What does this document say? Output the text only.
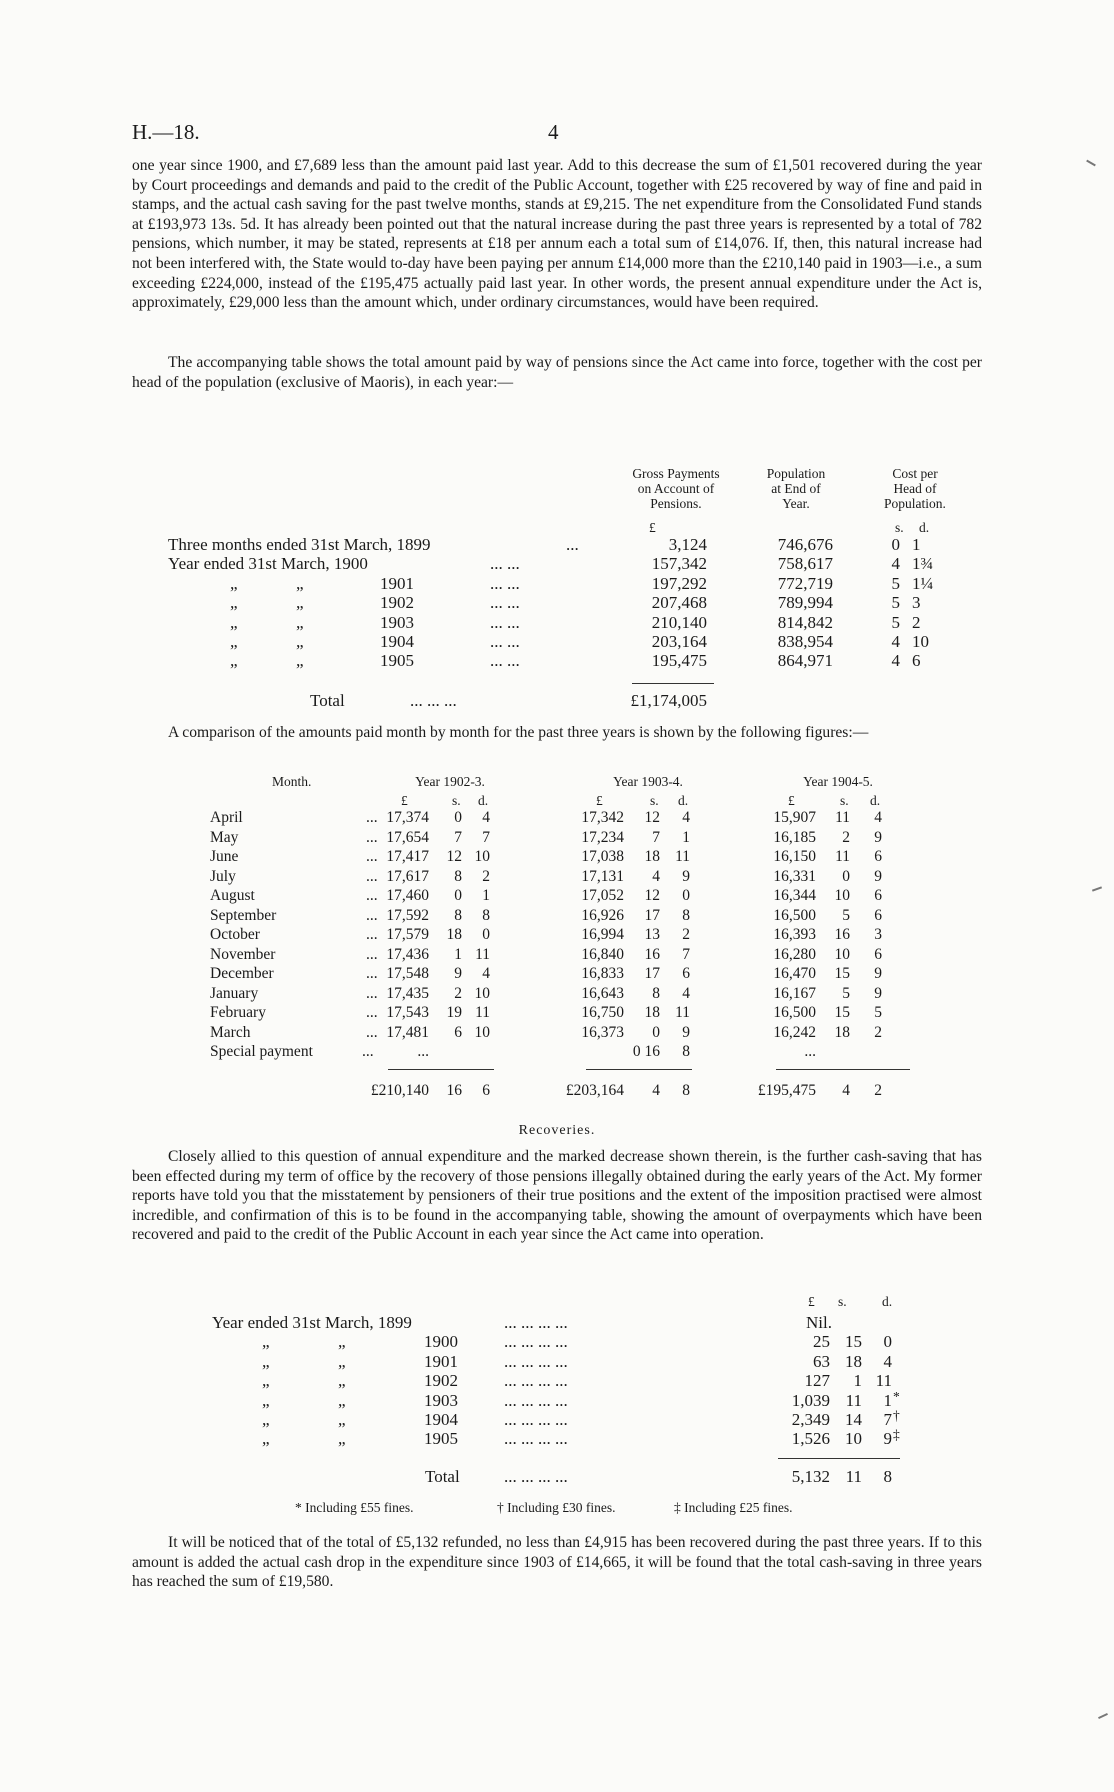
H.—18.	4

one year since 1900, and £7,689 less than the amount paid last year. Add to this decrease the sum of £1,501 recovered during the year by Court proceedings and demands and paid to the credit of the Public Account, together with £25 recovered by way of fine and paid in stamps, and the actual cash saving for the past twelve months, stands at £9,215. The net expenditure from the Consolidated Fund stands at £193,973 13s. 5d. It has already been pointed out that the natural increase during the past three years is represented by a total of 782 pensions, which number, it may be stated, represents at £18 per annum each a total sum of £14,076. If, then, this natural increase had not been interfered with, the State would to-day have been paying per annum £14,000 more than the £210,140 paid in 1903—i.e., a sum exceeding £224,000, instead of the £195,475 actually paid last year. In other words, the present annual expenditure under the Act is, approximately, £29,000 less than the amount which, under ordinary circumstances, would have been required.

The accompanying table shows the total amount paid by way of pensions since the Act came into force, together with the cost per head of the population (exclusive of Maoris), in each year:—

Gross Payments
on Account of
Pensions.
Population
at End of
Year.
Cost per
Head of
Population.
£	s. d.
Three months ended 31st March, 1899	...	3,124	746,676	0 1
Year ended 31st March, 1900	... ...	157,342	758,617	4 1¾
„	„	1901	... ...	197,292	772,719	5 1¼
„	„	1902	... ...	207,468	789,994	5 3
„	„	1903	... ...	210,140	814,842	5 2
„	„	1904	... ...	203,164	838,954	4 10
„	„	1905	... ...	195,475	864,971	4 6
Total	... ... ...	£1,174,005

A comparison of the amounts paid month by month for the past three years is shown by the following figures:—

Month.	Year 1902-3.	Year 1903-4.	Year 1904-5.
£	s. d.	£	s. d.	£	s. d.
April	... 17,374	0	4	17,342	12	4	15,907	11	4
May	... 17,654	7	7	17,234	7	1	16,185	2	9
June	... 17,417	12 10	17,038	18 11	16,150	11	6
July	... 17,617	8	2	17,131	4	9	16,331	0	9
August	... 17,460	0	1	17,052	12	0	16,344	10	6
September	... 17,592	8	8	16,926	17	8	16,500	5	6
October	... 17,579	18	0	16,994	13	2	16,393	16	3
November	... 17,436	1 11	16,840	16	7	16,280	10	6
December	... 17,548	9	4	16,833	17	6	16,470	15	9
January	... 17,435	2 10	16,643	8	4	16,167	5	9
February	... 17,543	19 11	16,750	18 11	16,500	15	5
March	... 17,481	6 10	16,373	0	9	16,242	18	2
Special payment	...	...	0 16	8	...
£210,140	16	6	£203,164	4	8	£195,475	4	2
Recoveries.

Closely allied to this question of annual expenditure and the marked decrease shown therein, is the further cash-saving that has been effected during my term of office by the recovery of those pensions illegally obtained during the early years of the Act. My former reports have told you that the misstatement by pensioners of their true positions and the extent of the imposition practised were almost incredible, and confirmation of this is to be found in the accompanying table, showing the amount of overpayments which have been recovered and paid to the credit of the Public Account in each year since the Act came into operation.

£ s.	d.
Year ended 31st March, 1899	... ... ... ...	Nil.
„	„	1900	... ... ... ...	25 15	0
„	„	1901	... ... ... ...	63 18	4
„	„	1902	... ... ... ...	127	1 11
„	„	1903	... ... ... ...	1,039 11	1 *
„	„	1904	... ... ... ...	2,349 14	7 †
„	„	1905	... ... ... ...	1,526 10	9 ‡
Total	... ... ... ...	5,132 11	8
* Including £55 fines.	† Including £30 fines.	‡ Including £25 fines.

It will be noticed that of the total of £5,132 refunded, no less than £4,915 has been recovered during the past three years. If to this amount is added the actual cash drop in the expenditure since 1903 of £14,665, it will be found that the total cash-saving in three years has reached the sum of £19,580.
